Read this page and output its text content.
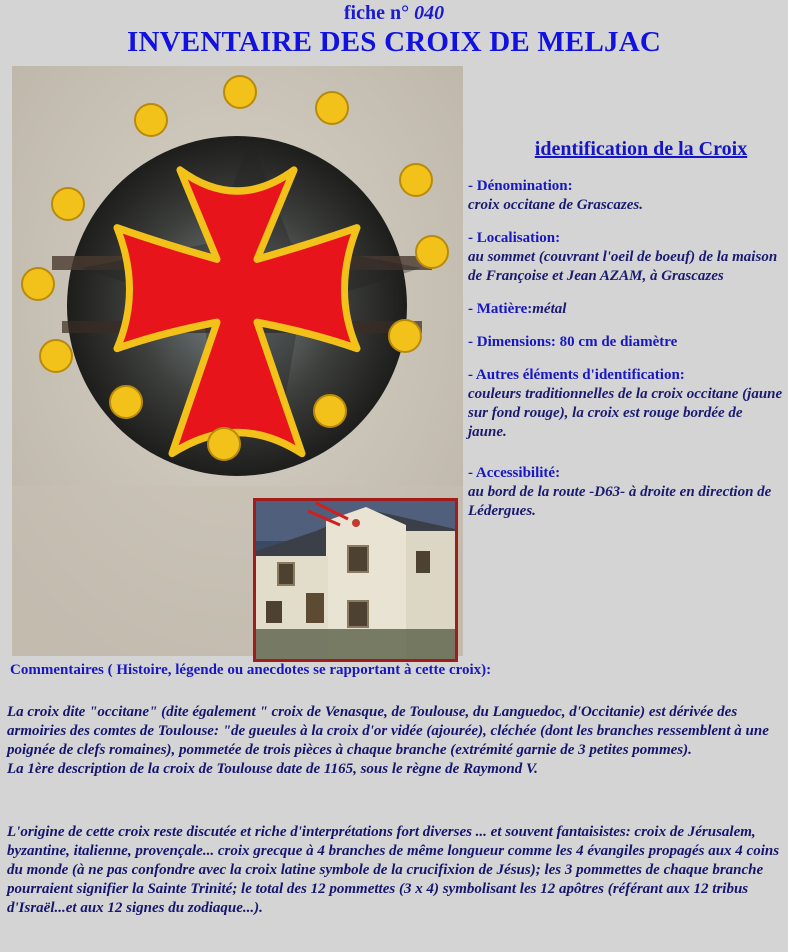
fiche n° 040
INVENTAIRE DES CROIX DE MELJAC
identification de la Croix
- Dénomination:
croix occitane de Grascazes.
- Localisation:
au sommet (couvrant l'oeil de boeuf) de la maison de Françoise et Jean AZAM, à Grascazes
- Matière:métal
- Dimensions: 80 cm de diamètre
- Autres éléments d'identification:
couleurs traditionnelles de la croix occitane (jaune sur fond rouge), la croix est rouge bordée de jaune.
- Accessibilité:
au bord de la route -D63- à droite en direction de Lédergues.
Commentaires ( Histoire, légende ou anecdotes se rapportant à cette croix):
La croix dite "occitane" (dite également " croix de Venasque, de Toulouse, du Languedoc, d'Occitanie) est dérivée des armoiries des comtes de Toulouse: "de gueules à la croix d'or vidée (ajourée), cléchée (dont les branches ressemblent à une poignée de clefs romaines), pommetée de trois pièces à chaque branche (extrémité garnie de 3 petites pommes).
La 1ère description de la croix de Toulouse date de 1165, sous le règne de Raymond V.
L'origine de cette croix reste discutée et riche d'interprétations fort diverses ... et souvent fantaisistes: croix de Jérusalem, byzantine, italienne, provençale... croix grecque à 4 branches de même longueur comme les 4 évangiles propagés aux 4 coins du monde (à ne pas confondre avec la croix latine symbole de la crucifixion de Jésus); les 3 pommettes de chaque branche pourraient signifier la Sainte Trinité; le total des 12 pommettes (3 x 4) symbolisant les 12 apôtres (référant aux 12 tribus d'Israël...et aux 12 signes du zodiaque...).
